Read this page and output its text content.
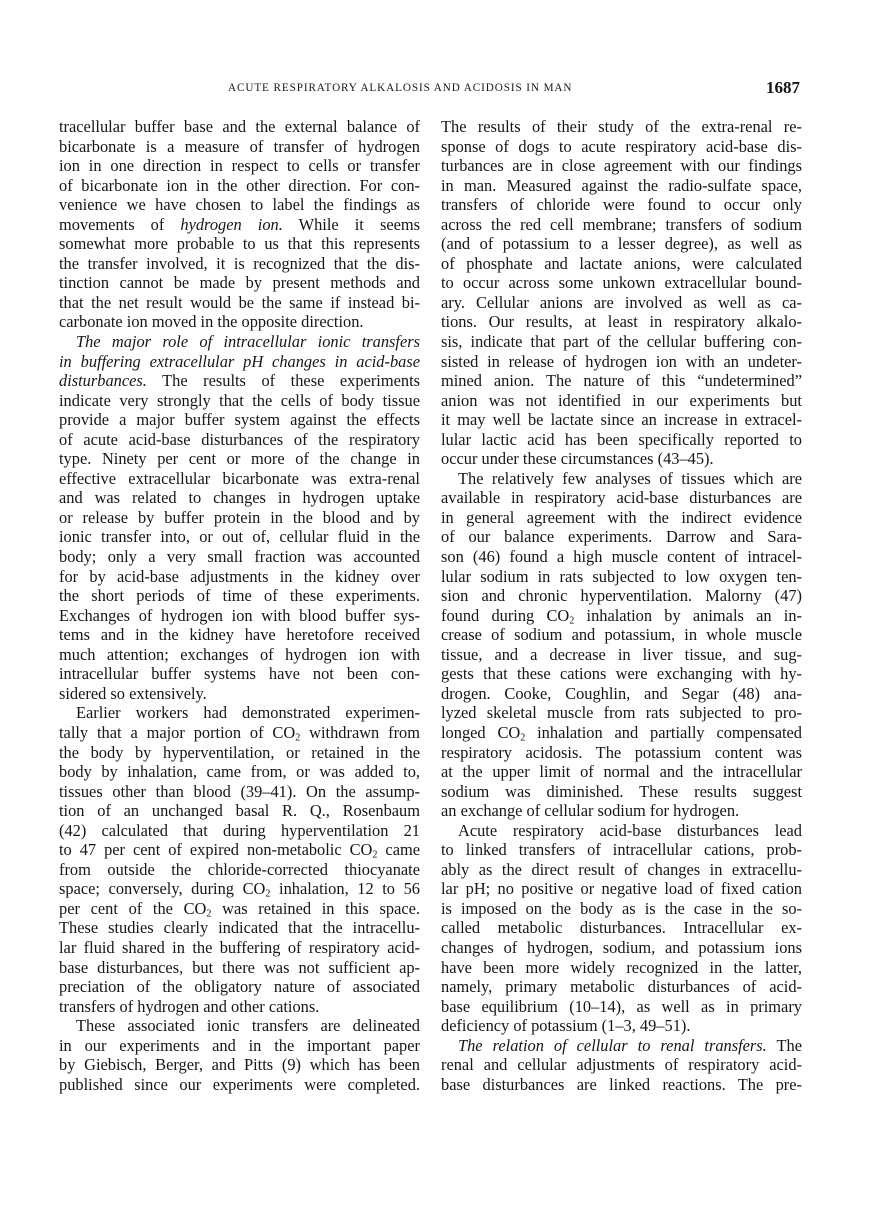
ACUTE RESPIRATORY ALKALOSIS AND ACIDOSIS IN MAN	1687
tracellular buffer base and the external balance of
bicarbonate is a measure of transfer of hydrogen
ion in one direction in respect to cells or transfer
of bicarbonate ion in the other direction. For con-
venience we have chosen to label the findings as
movements of hydrogen ion. While it seems
somewhat more probable to us that this represents
the transfer involved, it is recognized that the dis-
tinction cannot be made by present methods and
that the net result would be the same if instead bi-
carbonate ion moved in the opposite direction.
The major role of intracellular ionic transfers
in buffering extracellular pH changes in acid-base
disturbances. The results of these experiments
indicate very strongly that the cells of body tissue
provide a major buffer system against the effects
of acute acid-base disturbances of the respiratory
type. Ninety per cent or more of the change in
effective extracellular bicarbonate was extra-renal
and was related to changes in hydrogen uptake
or release by buffer protein in the blood and by
ionic transfer into, or out of, cellular fluid in the
body; only a very small fraction was accounted
for by acid-base adjustments in the kidney over
the short periods of time of these experiments.
Exchanges of hydrogen ion with blood buffer sys-
tems and in the kidney have heretofore received
much attention; exchanges of hydrogen ion with
intracellular buffer systems have not been con-
sidered so extensively.
Earlier workers had demonstrated experimen-
tally that a major portion of $CO_2$ withdrawn from
the body by hyperventilation, or retained in the
body by inhalation, came from, or was added to,
tissues other than blood (39–41). On the assump-
tion of an unchanged basal R. Q., Rosenbaum
(42) calculated that during hyperventilation 21
to 47 per cent of expired non-metabolic $CO_2$ came
from outside the chloride-corrected thiocyanate
space; conversely, during $CO_2$ inhalation, 12 to 56
per cent of the $CO_2$ was retained in this space.
These studies clearly indicated that the intracellu-
lar fluid shared in the buffering of respiratory acid-
base disturbances, but there was not sufficient ap-
preciation of the obligatory nature of associated
transfers of hydrogen and other cations.
These associated ionic transfers are delineated
in our experiments and in the important paper
by Giebisch, Berger, and Pitts (9) which has been
published since our experiments were completed.
The results of their study of the extra-renal re-
sponse of dogs to acute respiratory acid-base dis-
turbances are in close agreement with our findings
in man. Measured against the radio-sulfate space,
transfers of chloride were found to occur only
across the red cell membrane; transfers of sodium
(and of potassium to a lesser degree), as well as
of phosphate and lactate anions, were calculated
to occur across some unkown extracellular bound-
ary. Cellular anions are involved as well as ca-
tions. Our results, at least in respiratory alkalo-
sis, indicate that part of the cellular buffering con-
sisted in release of hydrogen ion with an undeter-
mined anion. The nature of this “undetermined”
anion was not identified in our experiments but
it may well be lactate since an increase in extracel-
lular lactic acid has been specifically reported to
occur under these circumstances (43–45).
The relatively few analyses of tissues which are
available in respiratory acid-base disturbances are
in general agreement with the indirect evidence
of our balance experiments. Darrow and Sara-
son (46) found a high muscle content of intracel-
lular sodium in rats subjected to low oxygen ten-
sion and chronic hyperventilation. Malorny (47)
found during $CO_2$ inhalation by animals an in-
crease of sodium and potassium, in whole muscle
tissue, and a decrease in liver tissue, and sug-
gests that these cations were exchanging with hy-
drogen. Cooke, Coughlin, and Segar (48) ana-
lyzed skeletal muscle from rats subjected to pro-
longed $CO_2$ inhalation and partially compensated
respiratory acidosis. The potassium content was
at the upper limit of normal and the intracellular
sodium was diminished. These results suggest
an exchange of cellular sodium for hydrogen.
Acute respiratory acid-base disturbances lead
to linked transfers of intracellular cations, prob-
ably as the direct result of changes in extracellu-
lar pH; no positive or negative load of fixed cation
is imposed on the body as is the case in the so-
called metabolic disturbances. Intracellular ex-
changes of hydrogen, sodium, and potassium ions
have been more widely recognized in the latter,
namely, primary metabolic disturbances of acid-
base equilibrium (10–14), as well as in primary
deficiency of potassium (1–3, 49–51).
The relation of cellular to renal transfers. The
renal and cellular adjustments of respiratory acid-
base disturbances are linked reactions. The pre-
